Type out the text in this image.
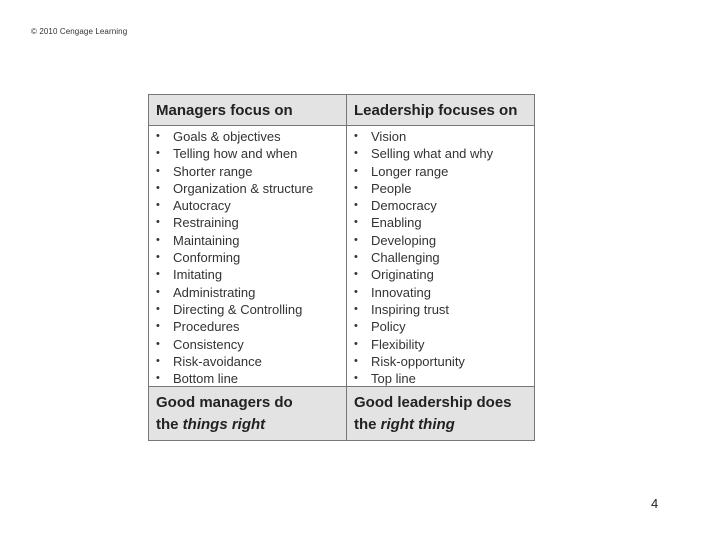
© 2010 Cengage Learning
Managers focus on
• Goals & objectives
• Telling how and when
• Shorter range
• Organization & structure
• Autocracy
• Restraining
• Maintaining
• Conforming
• Imitating
• Administrating
• Directing & Controlling
• Procedures
• Consistency
• Risk-avoidance
• Bottom line
Good managers do
the things right
Leadership focuses on
• Vision
• Selling what and why
• Longer range
• People
• Democracy
• Enabling
• Developing
• Challenging
• Originating
• Innovating
• Inspiring trust
• Policy
• Flexibility
• Risk-opportunity
• Top line
Good leadership does
the right thing
4
